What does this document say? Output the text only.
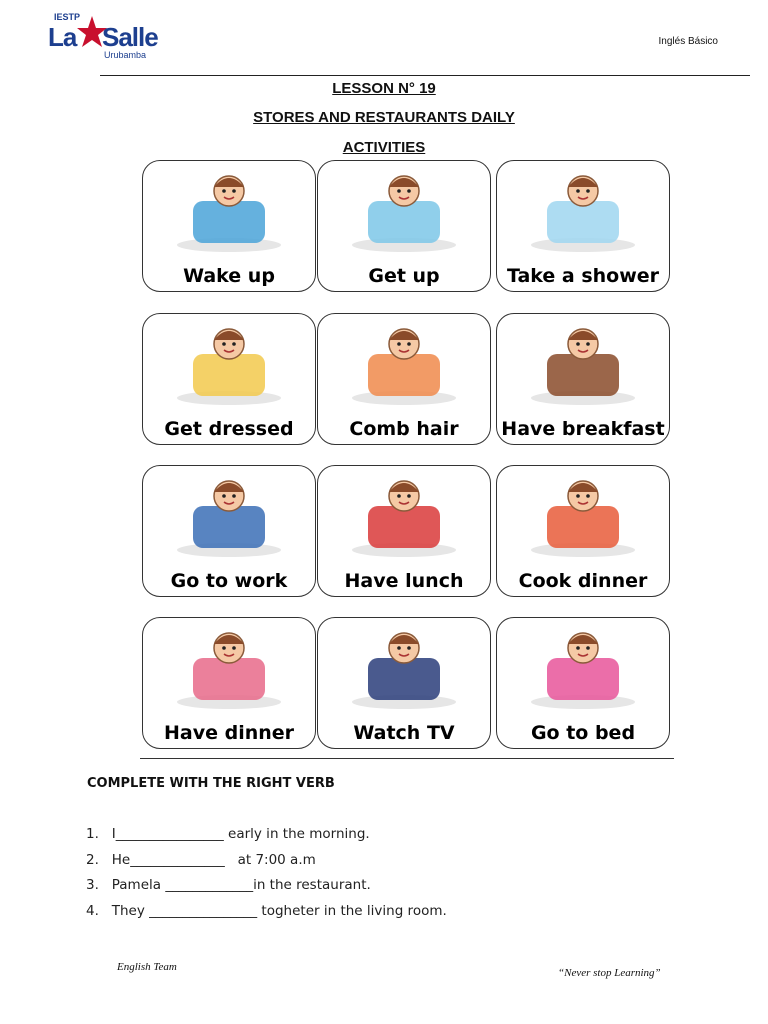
IESTP
La Salle
Urubamba
Inglés Básico
LESSON N° 19
STORES AND RESTAURANTS DAILY
ACTIVITIES
Wake up	Get up	Take a shower
Get dressed	Comb hair	Have breakfast
Go to work	Have lunch	Cook dinner
Have dinner	Watch TV	Go to bed
COMPLETE WITH THE RIGHT VERB
1.   I________________ early in the morning.
2.   He______________   at 7:00 a.m
3.   Pamela _____________in the restaurant.
4.   They ________________ togheter in the living room.
English Team	“Never stop Learning”
